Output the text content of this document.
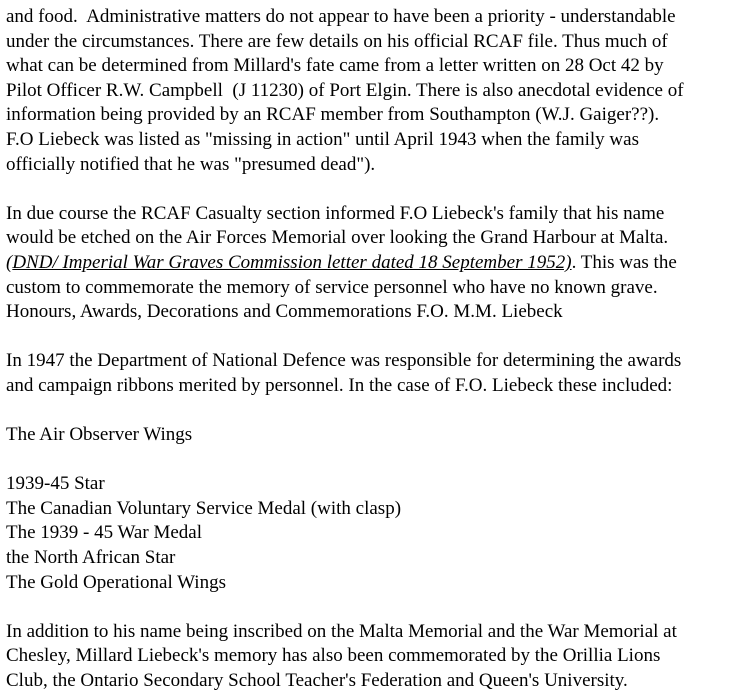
and food.  Administrative matters do not appear to have been a priority - understandable
under the circumstances. There are few details on his official RCAF file. Thus much of
what can be determined from Millard's fate came from a letter written on 28 Oct 42 by
Pilot Officer R.W. Campbell  (J 11230) of Port Elgin. There is also anecdotal evidence of
information being provided by an RCAF member from Southampton (W.J. Gaiger??).
F.O Liebeck was listed as "missing in action" until April 1943 when the family was
officially notified that he was "presumed dead").
In due course the RCAF Casualty section informed F.O Liebeck's family that his name
would be etched on the Air Forces Memorial over looking the Grand Harbour at Malta.
(DND/ Imperial War Graves Commission letter dated 18 September 1952). This was the
custom to commemorate the memory of service personnel who have no known grave.
Honours, Awards, Decorations and Commemorations F.O. M.M. Liebeck
In 1947 the Department of National Defence was responsible for determining the awards
and campaign ribbons merited by personnel. In the case of F.O. Liebeck these included:
The Air Observer Wings
1939-45 Star
The Canadian Voluntary Service Medal (with clasp)
The 1939 - 45 War Medal
the North African Star
The Gold Operational Wings
In addition to his name being inscribed on the Malta Memorial and the War Memorial at
Chesley, Millard Liebeck's memory has also been commemorated by the Orillia Lions
Club, the Ontario Secondary School Teacher's Federation and Queen's University.
